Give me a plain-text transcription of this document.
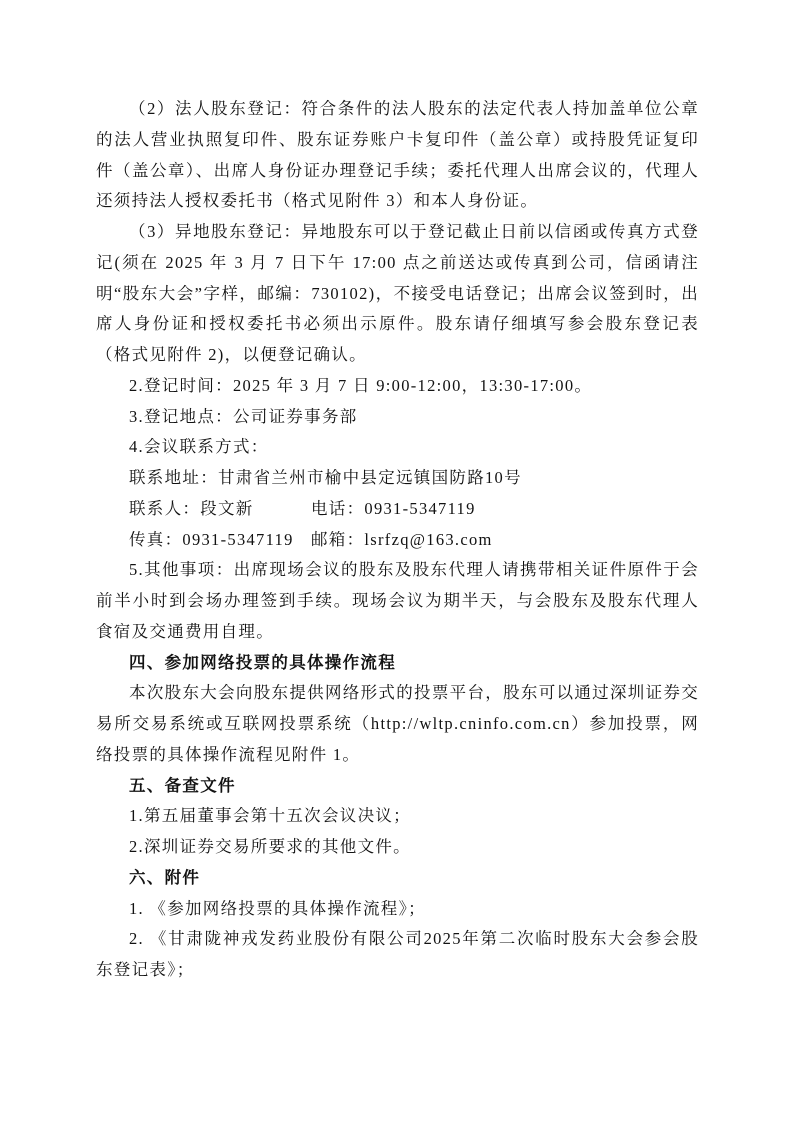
（2）法人股东登记：符合条件的法人股东的法定代表人持加盖单位公章的法人营业执照复印件、股东证券账户卡复印件（盖公章）或持股凭证复印件（盖公章）、出席人身份证办理登记手续；委托代理人出席会议的，代理人还须持法人授权委托书（格式见附件 3）和本人身份证。

（3）异地股东登记：异地股东可以于登记截止日前以信函或传真方式登记(须在 2025 年 3 月 7 日下午 17:00 点之前送达或传真到公司，信函请注明“股东大会”字样，邮编：730102)，不接受电话登记；出席会议签到时，出席人身份证和授权委托书必须出示原件。股东请仔细填写参会股东登记表（格式见附件 2)，以便登记确认。

2.登记时间：2025 年 3 月 7 日 9:00-12:00，13:30-17:00。

3.登记地点：公司证券事务部

4.会议联系方式：

联系地址：甘肃省兰州市榆中县定远镇国防路10号

联系人：段文新	电话：0931-5347119

传真：0931-5347119 邮箱：lsrfzq@163.com

5.其他事项：出席现场会议的股东及股东代理人请携带相关证件原件于会前半小时到会场办理签到手续。现场会议为期半天，与会股东及股东代理人食宿及交通费用自理。

四、参加网络投票的具体操作流程

本次股东大会向股东提供网络形式的投票平台，股东可以通过深圳证券交易所交易系统或互联网投票系统（http://wltp.cninfo.com.cn）参加投票，网络投票的具体操作流程见附件 1。

五、备查文件

1.第五届董事会第十五次会议决议；

2.深圳证券交易所要求的其他文件。

六、附件

1. 《参加网络投票的具体操作流程》；

2. 《甘肃陇神戎发药业股份有限公司2025年第二次临时股东大会参会股东登记表》；
